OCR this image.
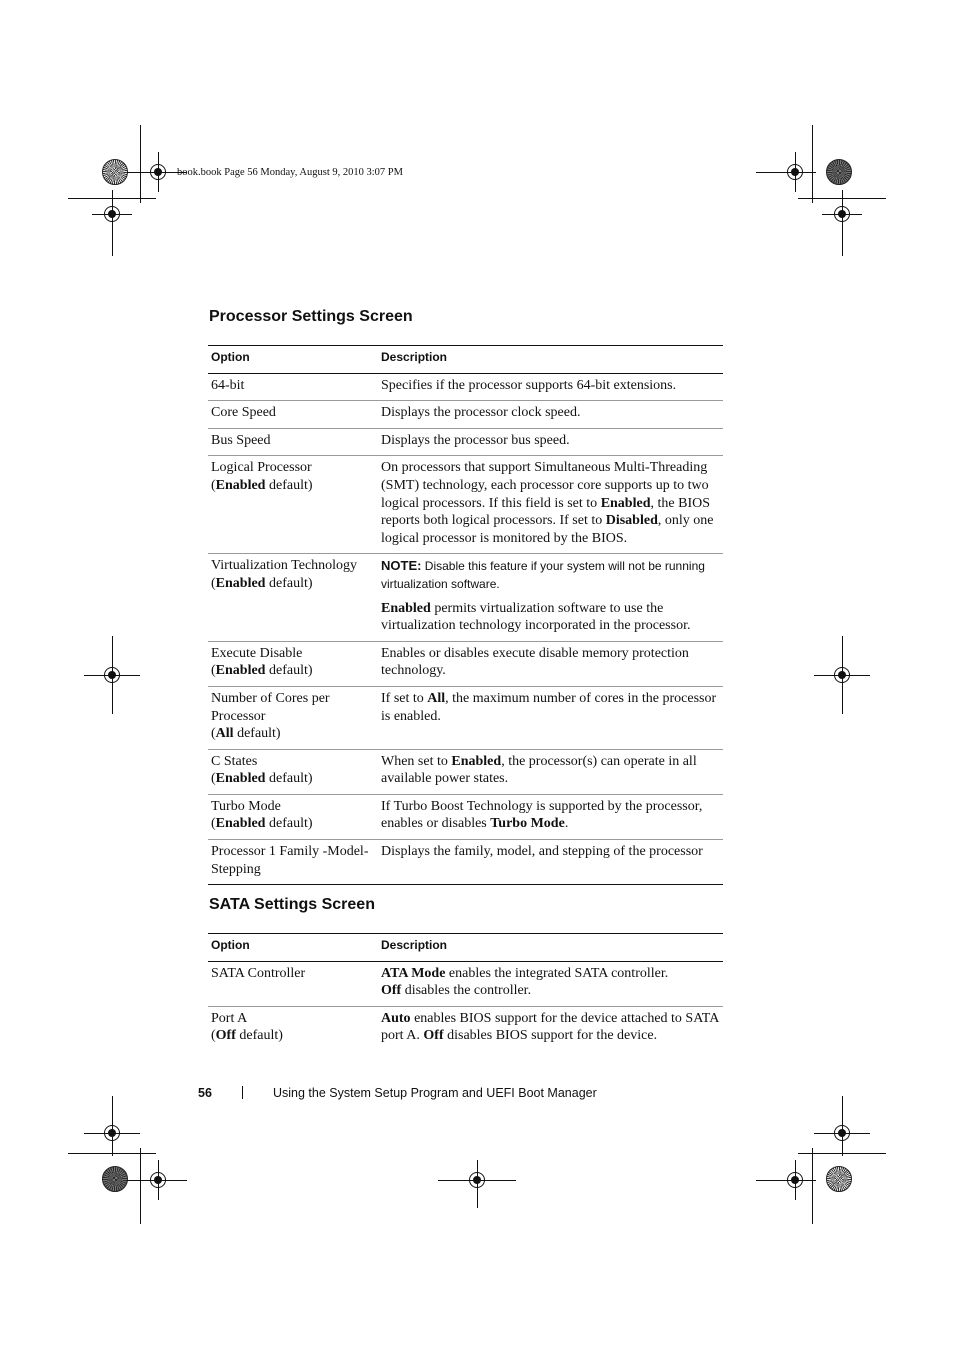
book.book Page 56 Monday, August 9, 2010 3:07 PM
Processor Settings Screen
Option	Description
64-bit	Specifies if the processor supports 64-bit extensions.
Core Speed	Displays the processor clock speed.
Bus Speed	Displays the processor bus speed.
Logical Processor
(Enabled default)	On processors that support Simultaneous Multi-Threading (SMT) technology, each processor core supports up to two logical processors. If this field is set to Enabled, the BIOS reports both logical processors. If set to Disabled, only one logical processor is monitored by the BIOS.
Virtualization Technology
(Enabled default)	NOTE: Disable this feature if your system will not be running virtualization software.
Enabled permits virtualization software to use the virtualization technology incorporated in the processor.

Execute Disable
(Enabled default)	Enables or disables execute disable memory protection technology.
Number of Cores per Processor
(All default)	If set to All, the maximum number of cores in the processor is enabled.
C States
(Enabled default)	When set to Enabled, the processor(s) can operate in all available power states.
Turbo Mode
(Enabled default)	If Turbo Boost Technology is supported by the processor, enables or disables Turbo Mode.
Processor 1 Family -Model-Stepping	Displays the family, model, and stepping of the processor
SATA Settings Screen
Option	Description
SATA Controller	ATA Mode enables the integrated SATA controller.
Off disables the controller.
Port A
(Off default)	Auto enables BIOS support for the device attached to SATA port A. Off disables BIOS support for the device.
56	Using the System Setup Program and UEFI Boot Manager
